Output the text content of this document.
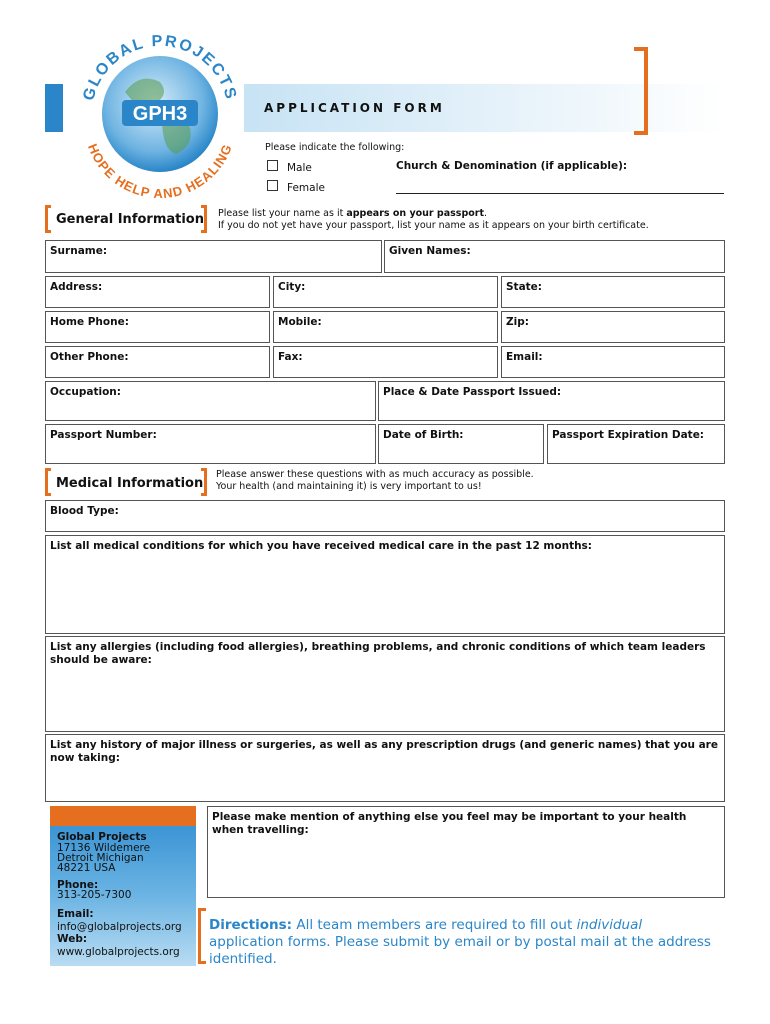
GPH3
GLOBAL PROJECTS
HOPE HELP AND HEALING
APPLICATION FORM
Please indicate the following:
Male
Female
Church & Denomination (if applicable):
General Information Please list your name as it appears on your passport.
If you do not yet have your passport, list your name as it appears on your birth certificate.
Surname:	Given Names:
Address:	City:	State:
Home Phone:	Mobile:	Zip:
Other Phone:	Fax:	Email:
Occupation:	Place & Date Passport Issued:
Passport Number:	Date of Birth:	Passport Expiration Date:
Medical Information
Please answer these questions with as much accuracy as possible.
Your health (and maintaining it) is very important to us!
Blood Type:
List all medical conditions for which you have received medical care in the past 12 months:
List any allergies (including food allergies), breathing problems, and chronic conditions of which team leaders should be aware:
List any history of major illness or surgeries, as well as any prescription drugs (and generic names) that you are now taking:
Global Projects
17136 Wildemere
Detroit Michigan
48221 USA
Phone:
313-205-7300
Email:
info@globalprojects.org
Web:
www.globalprojects.org
Please make mention of anything else you feel may be important to your health when travelling:
Directions: All team members are required to fill out individual application forms. Please submit by email or by postal mail at the address identified.
